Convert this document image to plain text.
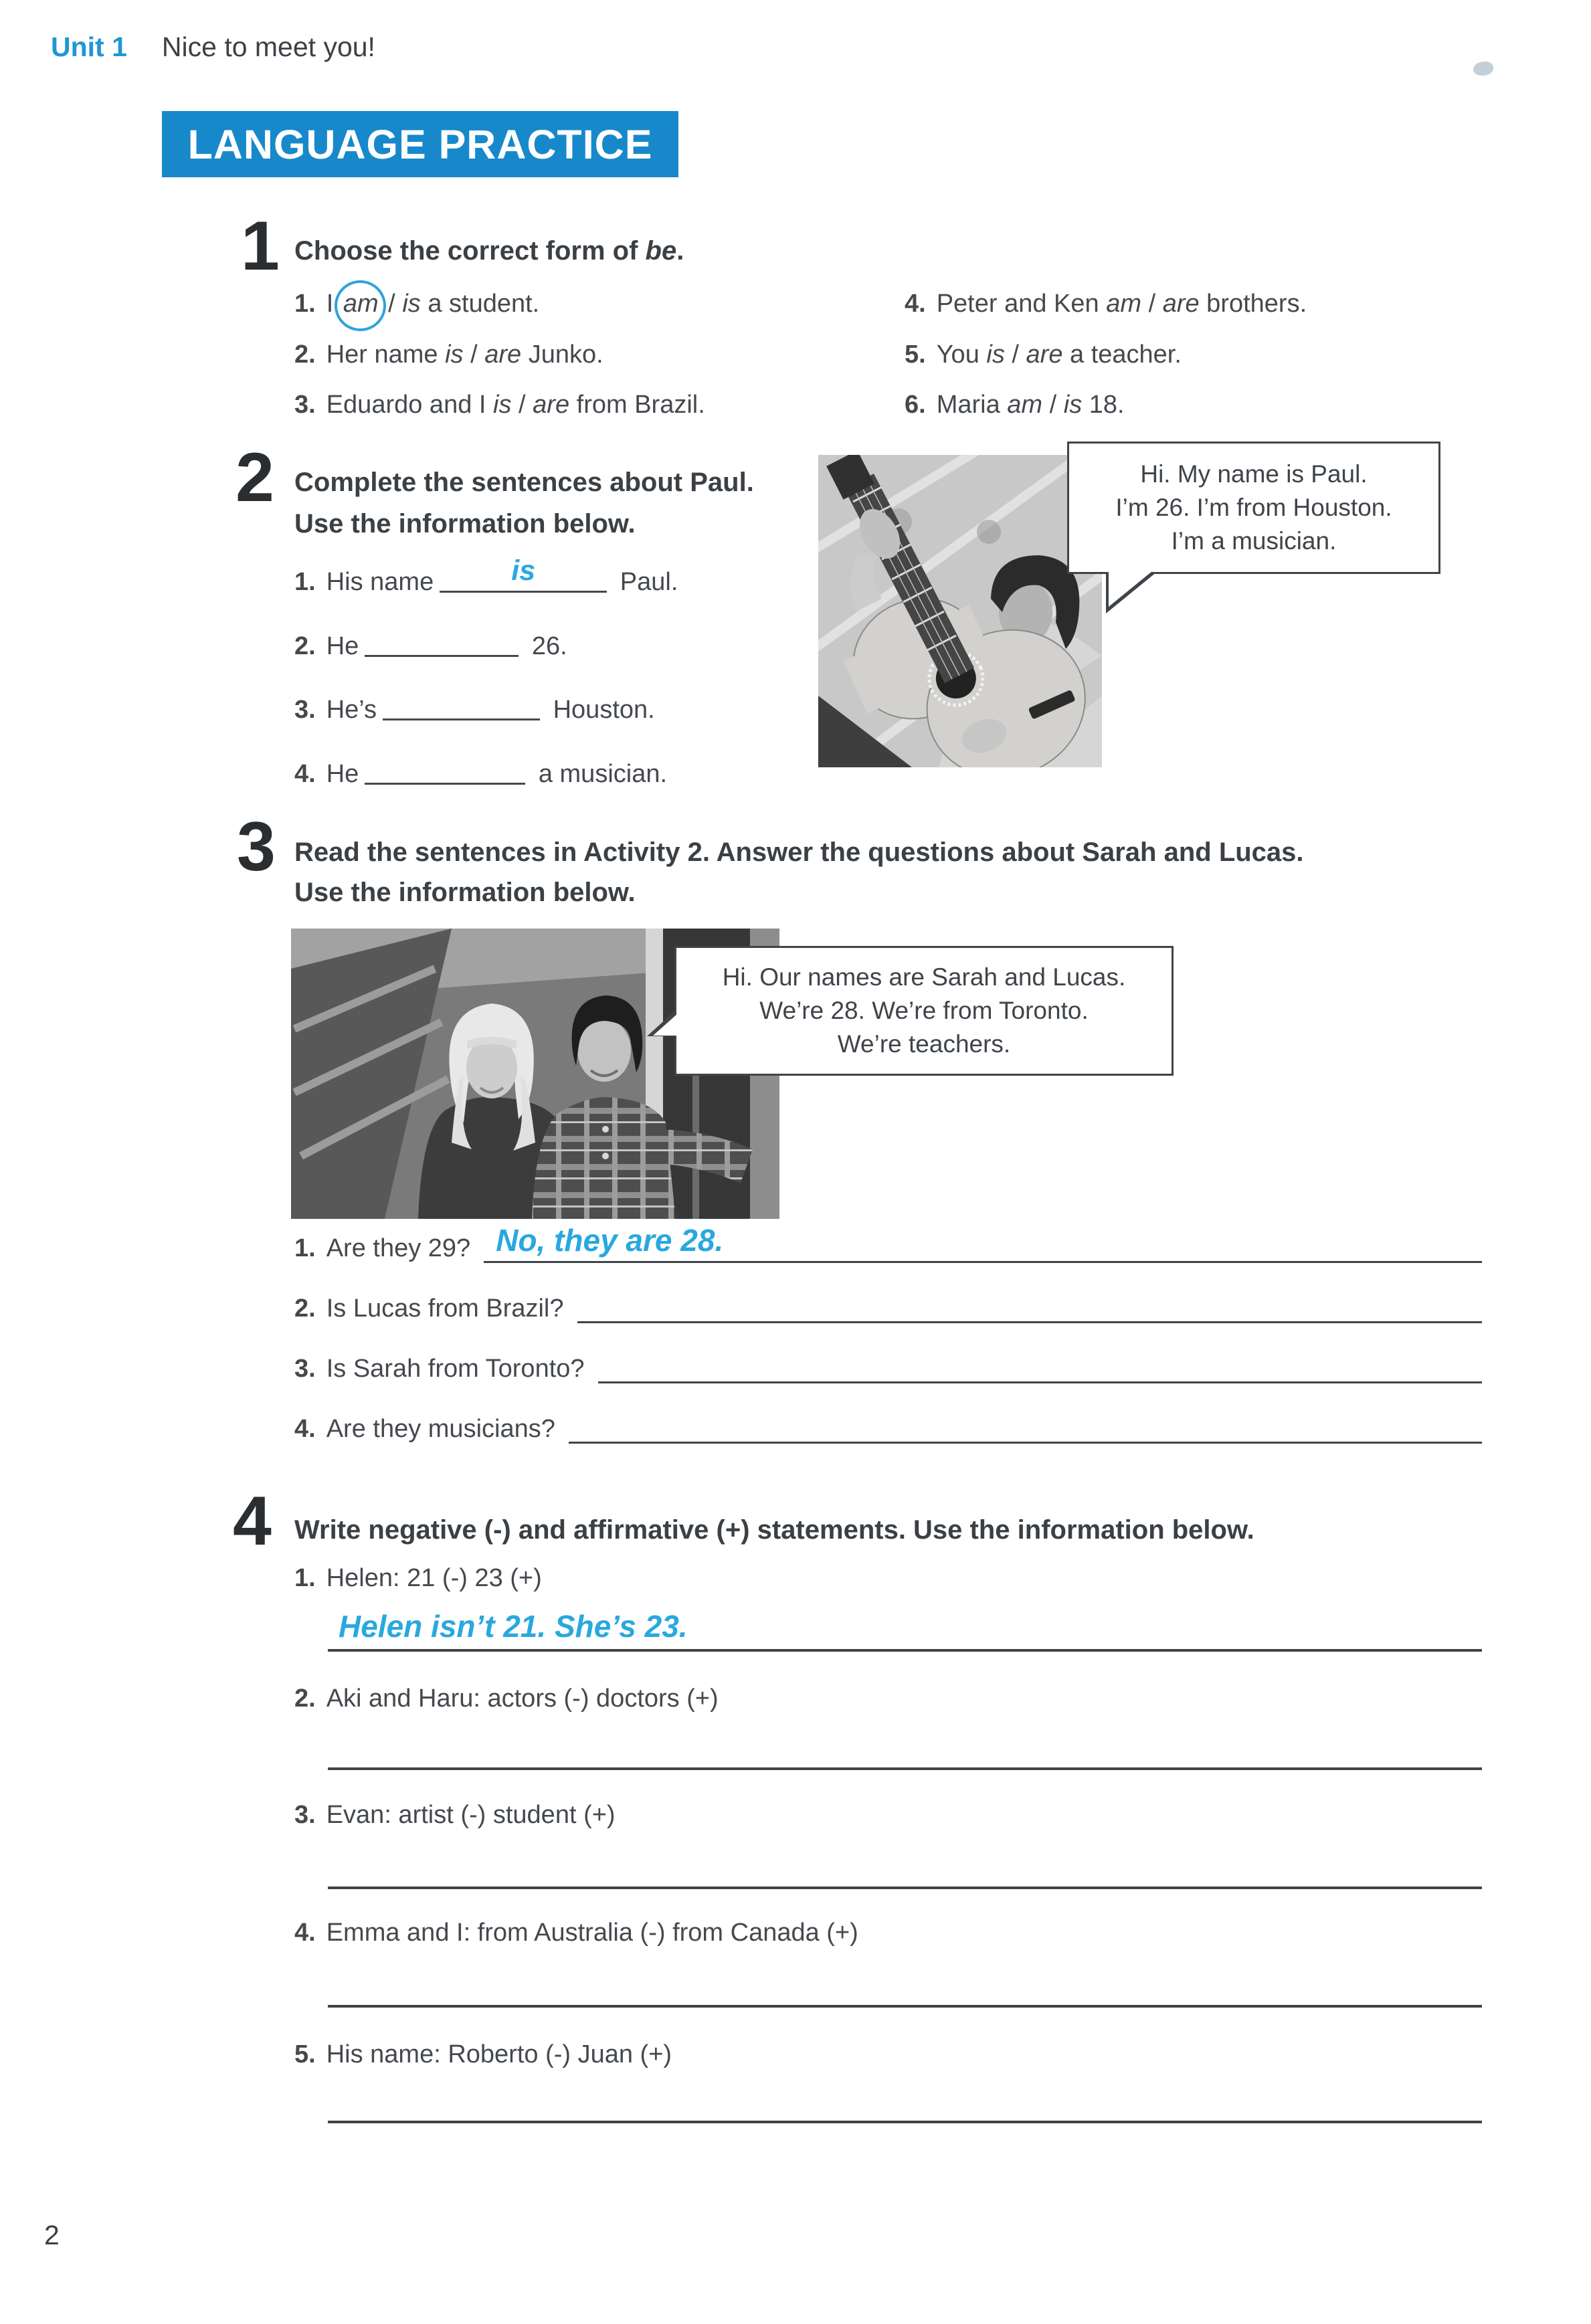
Unit 1 Nice to meet you!
LANGUAGE PRACTICE
1 Choose the correct form of be.
1. I am / is a student.
2. Her name is / are Junko.
3. Eduardo and I is / are from Brazil.
4. Peter and Ken am / are brothers.
5. You is / are a teacher.
6. Maria am / is 18.
2 Complete the sentences about Paul.
Use the information below.
1. His name	is	Paul.
2. He	26.
3. He’s	Houston.
4. He	a musician.
Hi. My name is Paul.
I’m 26. I’m from Houston.
I’m a musician.
3 Read the sentences in Activity 2. Answer the questions about Sarah and Lucas.
Use the information below.
Hi. Our names are Sarah and Lucas.
We’re 28. We’re from Toronto.
We’re teachers.
1. Are they 29? No, they are 28.
2. Is Lucas from Brazil?
3. Is Sarah from Toronto?
4. Are they musicians?
4 Write negative (-) and affirmative (+) statements. Use the information below.
1. Helen: 21 (-) 23 (+)
Helen isn’t 21. She’s 23.
2. Aki and Haru: actors (-) doctors (+)
3. Evan: artist (-) student (+)
4. Emma and I: from Australia (-) from Canada (+)
5. His name: Roberto (-) Juan (+)
2
